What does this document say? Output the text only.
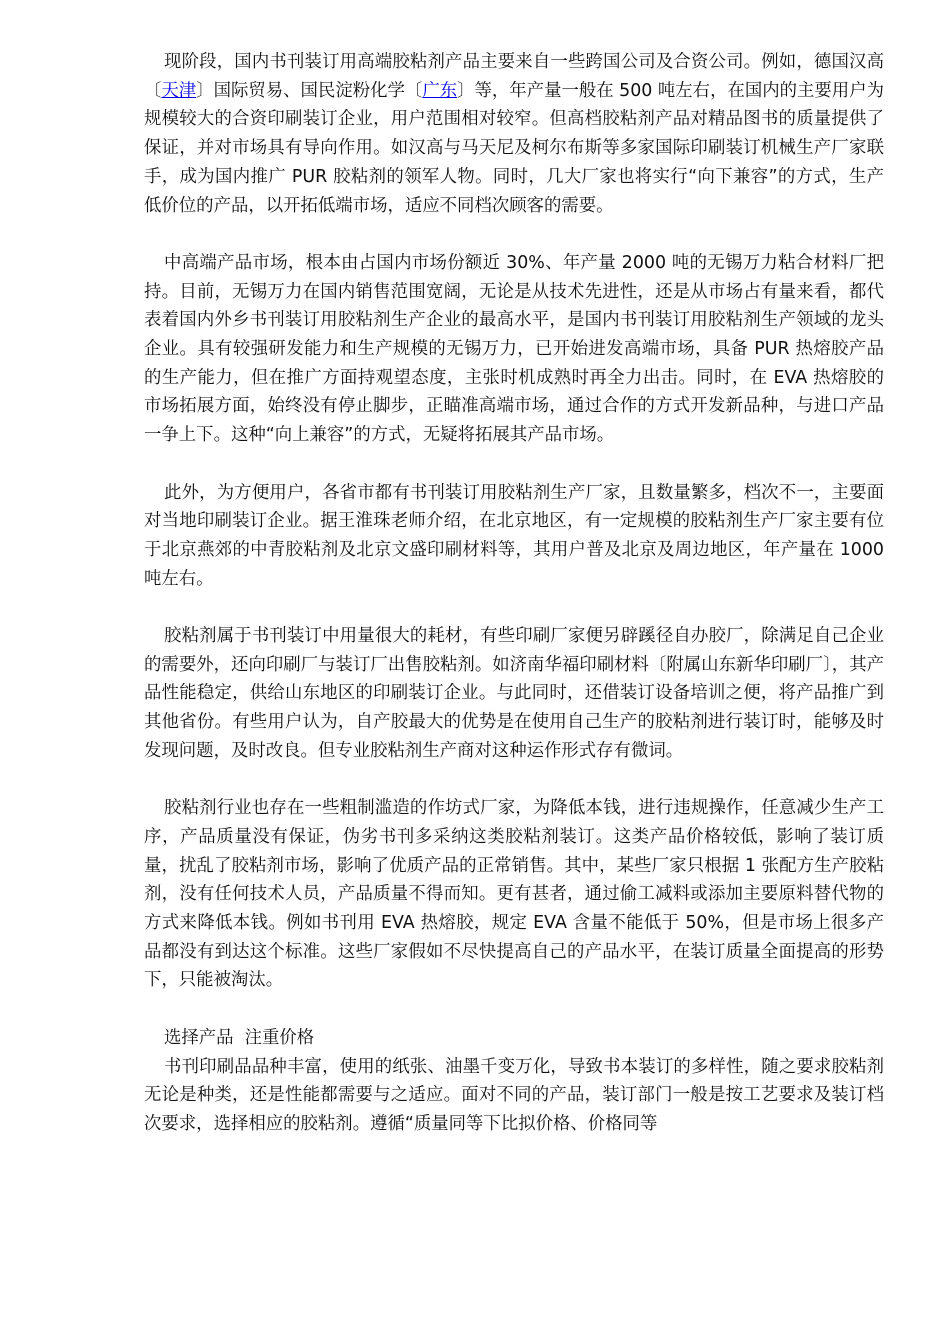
现阶段，国内书刊装订用高端胶粘剂产品主要来自一些跨国公司及合资公司。例如，德国汉高〔天津〕国际贸易、国民淀粉化学〔广东〕等，年产量一般在 500 吨左右，在国内的主要用户为规模较大的合资印刷装订企业，用户范围相对较窄。但高档胶粘剂产品对精品图书的质量提供了保证，并对市场具有导向作用。如汉高与马天尼及柯尔布斯等多家国际印刷装订机械生产厂家联手，成为国内推广 PUR 胶粘剂的领军人物。同时，几大厂家也将实行“向下兼容”的方式，生产低价位的产品，以开拓低端市场，适应不同档次顾客的需要。

中高端产品市场，根本由占国内市场份额近 30%、年产量 2000 吨的无锡万力粘合材料厂把持。目前，无锡万力在国内销售范围宽阔，无论是从技术先进性，还是从市场占有量来看，都代表着国内外乡书刊装订用胶粘剂生产企业的最高水平，是国内书刊装订用胶粘剂生产领域的龙头企业。具有较强研发能力和生产规模的无锡万力，已开始进发高端市场，具备 PUR 热熔胶产品的生产能力，但在推广方面持观望态度，主张时机成熟时再全力出击。同时，在 EVA 热熔胶的市场拓展方面，始终没有停止脚步，正瞄准高端市场，通过合作的方式开发新品种，与进口产品一争上下。这种“向上兼容”的方式，无疑将拓展其产品市场。

此外，为方便用户，各省市都有书刊装订用胶粘剂生产厂家，且数量繁多，档次不一，主要面对当地印刷装订企业。据王淮珠老师介绍，在北京地区，有一定规模的胶粘剂生产厂家主要有位于北京燕郊的中青胶粘剂及北京文盛印刷材料等，其用户普及北京及周边地区，年产量在 1000 吨左右。

胶粘剂属于书刊装订中用量很大的耗材，有些印刷厂家便另辟蹊径自办胶厂，除满足自己企业的需要外，还向印刷厂与装订厂出售胶粘剂。如济南华福印刷材料〔附属山东新华印刷厂〕，其产品性能稳定，供给山东地区的印刷装订企业。与此同时，还借装订设备培训之便，将产品推广到其他省份。有些用户认为，自产胶最大的优势是在使用自己生产的胶粘剂进行装订时，能够及时发现问题，及时改良。但专业胶粘剂生产商对这种运作形式存有微词。

胶粘剂行业也存在一些粗制滥造的作坊式厂家，为降低本钱，进行违规操作，任意减少生产工序，产品质量没有保证，伪劣书刊多采纳这类胶粘剂装订。这类产品价格较低，影响了装订质量，扰乱了胶粘剂市场，影响了优质产品的正常销售。其中，某些厂家只根据 1 张配方生产胶粘剂，没有任何技术人员，产品质量不得而知。更有甚者，通过偷工减料或添加主要原料替代物的方式来降低本钱。例如书刊用 EVA 热熔胶，规定 EVA 含量不能低于 50%，但是市场上很多产品都没有到达这个标准。这些厂家假如不尽快提高自己的产品水平，在装订质量全面提高的形势下，只能被淘汰。

选择产品  注重价格

书刊印刷品品种丰富，使用的纸张、油墨千变万化，导致书本装订的多样性，随之要求胶粘剂无论是种类，还是性能都需要与之适应。面对不同的产品，装订部门一般是按工艺要求及装订档次要求，选择相应的胶粘剂。遵循“质量同等下比拟价格、价格同等
